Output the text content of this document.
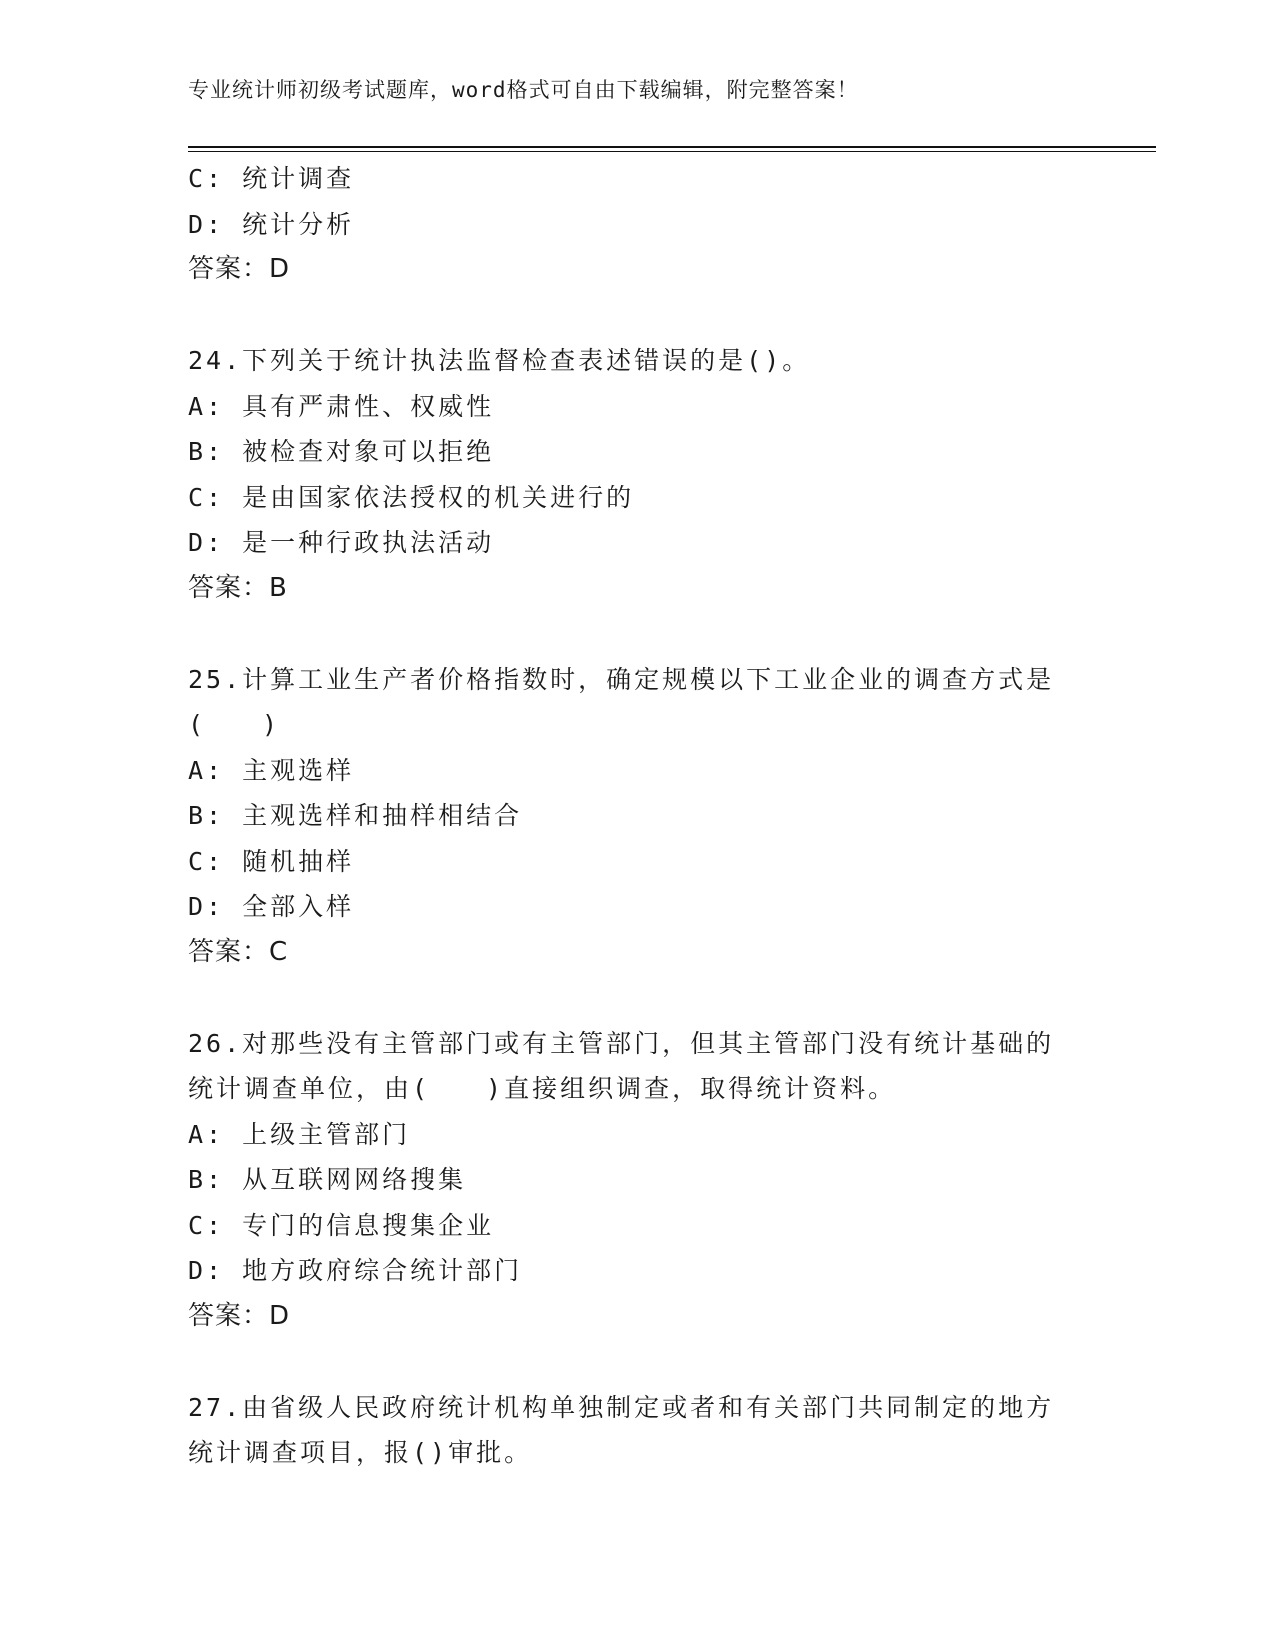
专业统计师初级考试题库，word格式可自由下载编辑，附完整答案！
C: 统计调查
D: 统计分析
答案：D
24.下列关于统计执法监督检查表述错误的是()。
A: 具有严肃性、权威性
B: 被检查对象可以拒绝
C: 是由国家依法授权的机关进行的
D: 是一种行政执法活动
答案：B
25.计算工业生产者价格指数时，确定规模以下工业企业的调查方式是
(　　)
A: 主观选样
B: 主观选样和抽样相结合
C: 随机抽样
D: 全部入样
答案：C
26.对那些没有主管部门或有主管部门，但其主管部门没有统计基础的
统计调查单位，由(　　)直接组织调查，取得统计资料。
A: 上级主管部门
B: 从互联网网络搜集
C: 专门的信息搜集企业
D: 地方政府综合统计部门
答案：D
27.由省级人民政府统计机构单独制定或者和有关部门共同制定的地方
统计调查项目，报()审批。
